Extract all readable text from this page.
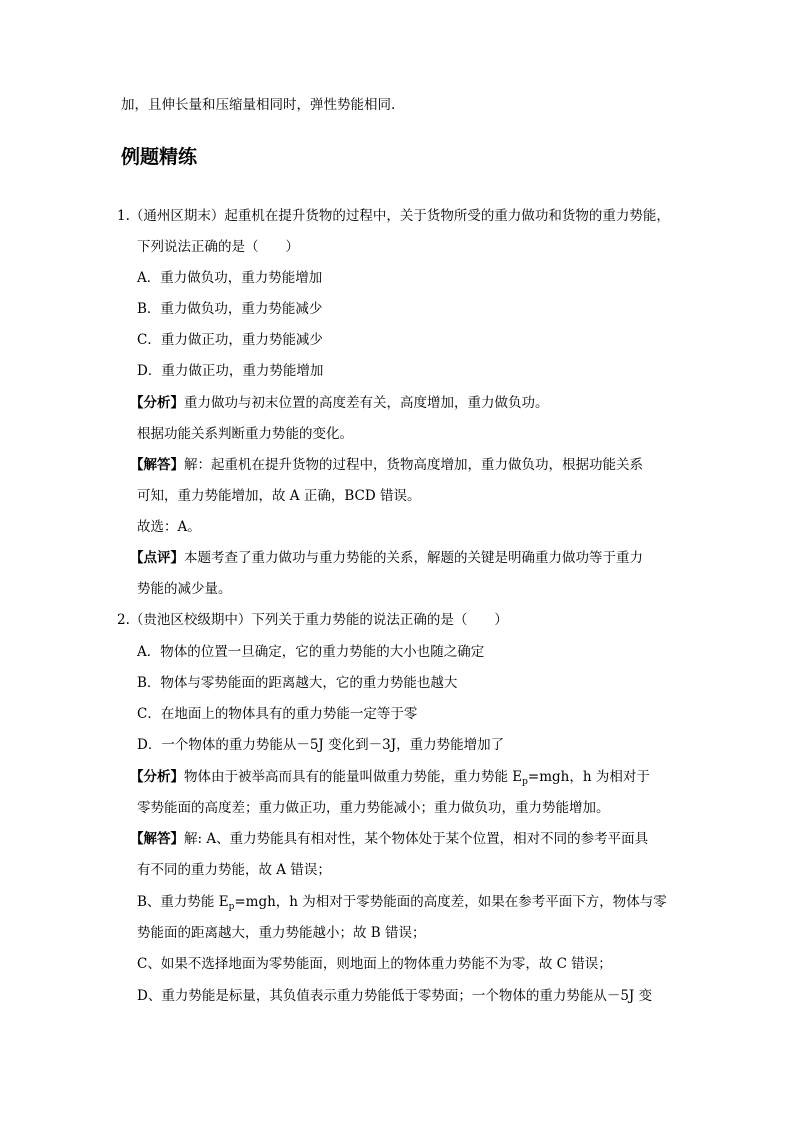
加，且伸长量和压缩量相同时，弹性势能相同.
例题精练
1.（通州区期末）起重机在提升货物的过程中，关于货物所受的重力做功和货物的重力势能，
下列说法正确的是（　　）
A．重力做负功，重力势能增加
B．重力做负功，重力势能减少
C．重力做正功，重力势能减少
D．重力做正功，重力势能增加
【分析】重力做功与初末位置的高度差有关，高度增加，重力做负功。
根据功能关系判断重力势能的变化。
【解答】解：起重机在提升货物的过程中，货物高度增加，重力做负功，根据功能关系
可知，重力势能增加，故 A 正确，BCD 错误。
故选：A。
【点评】本题考查了重力做功与重力势能的关系，解题的关键是明确重力做功等于重力
势能的减少量。
2.（贵池区校级期中）下列关于重力势能的说法正确的是（　　）
A．物体的位置一旦确定，它的重力势能的大小也随之确定
B．物体与零势能面的距离越大，它的重力势能也越大
C．在地面上的物体具有的重力势能一定等于零
D．一个物体的重力势能从－5J 变化到－3J，重力势能增加了
【分析】物体由于被举高而具有的能量叫做重力势能，重力势能 $E_p=mgh$，h 为相对于
零势能面的高度差；重力做正功，重力势能减小；重力做负功，重力势能增加。
【解答】解: A、重力势能具有相对性，某个物体处于某个位置，相对不同的参考平面具
有不同的重力势能，故 A 错误；
B、重力势能 $E_p=mgh$，h 为相对于零势能面的高度差，如果在参考平面下方，物体与零
势能面的距离越大，重力势能越小；故 B 错误；
C、如果不选择地面为零势能面，则地面上的物体重力势能不为零，故 C 错误；
D、重力势能是标量，其负值表示重力势能低于零势面；一个物体的重力势能从－5J 变
